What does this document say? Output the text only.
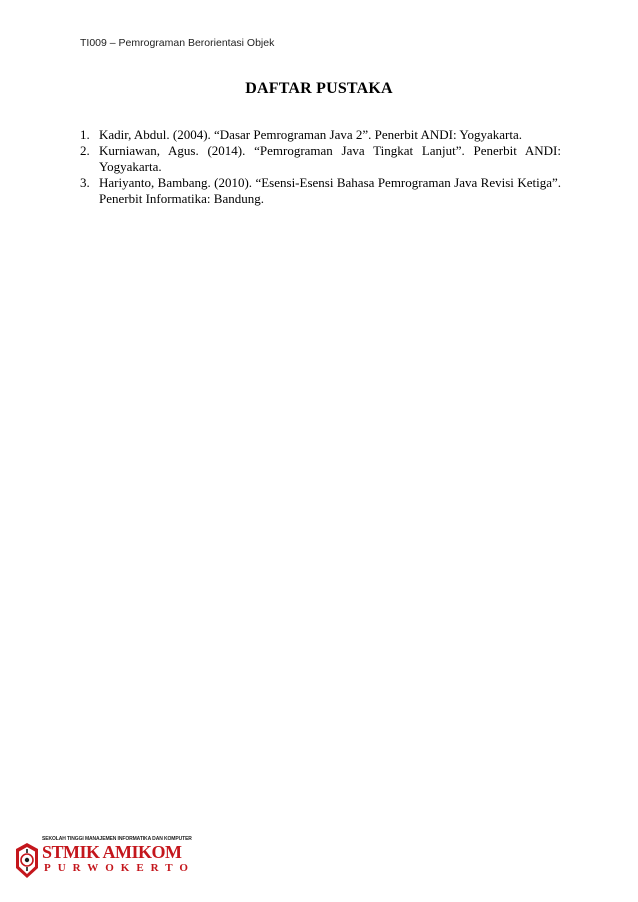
TI009 – Pemrograman Berorientasi Objek
DAFTAR PUSTAKA
1. Kadir, Abdul. (2004). “Dasar Pemrograman Java 2”. Penerbit ANDI: Yogyakarta.
2. Kurniawan, Agus. (2014). “Pemrograman Java Tingkat Lanjut”. Penerbit ANDI: Yogyakarta.
3. Hariyanto, Bambang. (2010). “Esensi-Esensi Bahasa Pemrograman Java Revisi Ketiga”. Penerbit Informatika: Bandung.
SEKOLAH TINGGI MANAJEMEN INFORMATIKA DAN KOMPUTER
STMIK AMIKOM
PURWOKERTO
